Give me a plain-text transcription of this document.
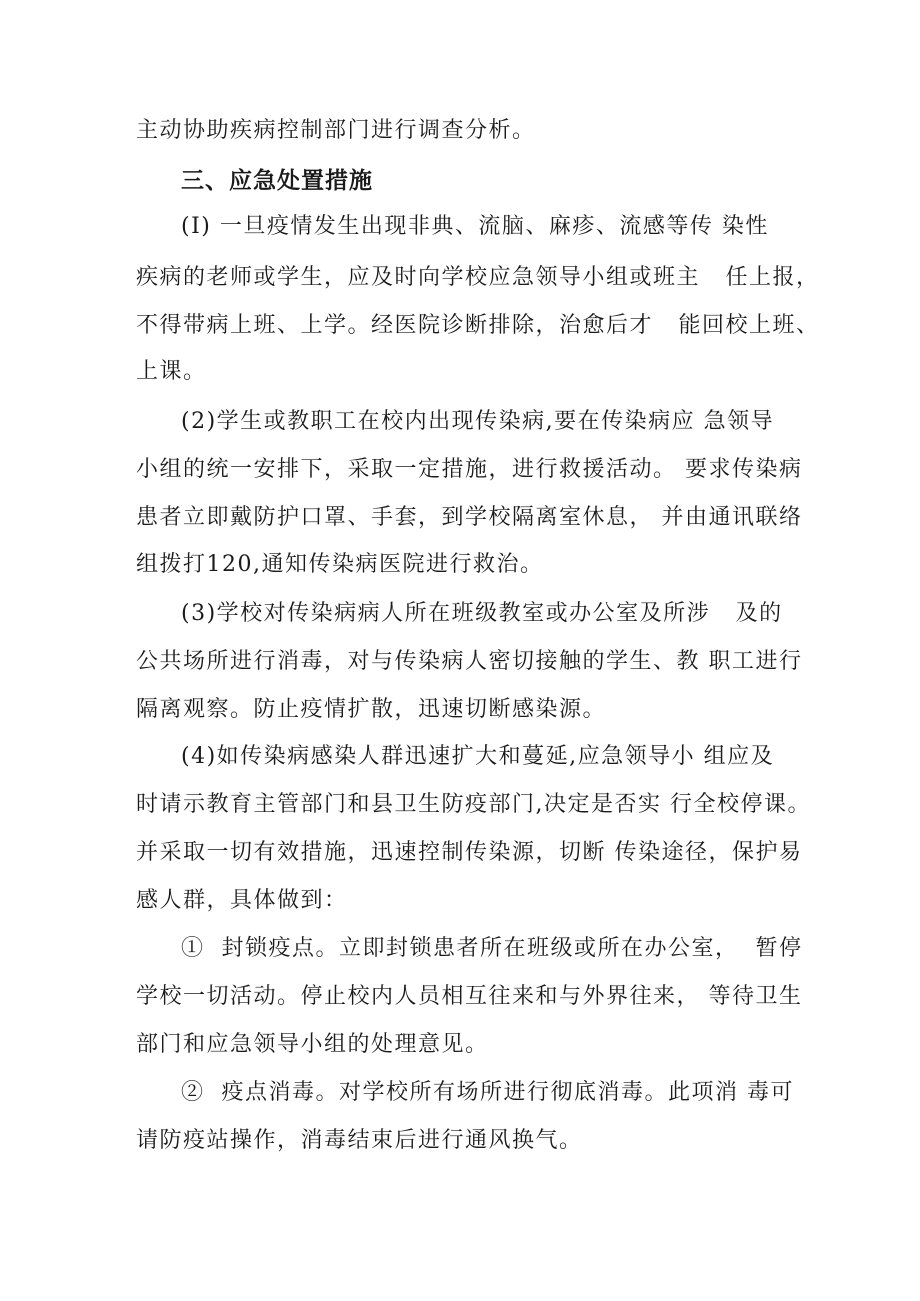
主动协助疾病控制部门进行调查分析。
三、应急处置措施
(I) 一旦疫情发生出现非典、流脑、麻疹、流感等传 染性
疾病的老师或学生，应及时向学校应急领导小组或班主   任上报，
不得带病上班、上学。经医院诊断排除，治愈后才   能回校上班、
上课。
(2)学生或教职工在校内出现传染病,要在传染病应 急领导
小组的统一安排下，采取一定措施，进行救援活动。 要求传染病
患者立即戴防护口罩、手套，到学校隔离室休息， 并由通讯联络
组拨打120,通知传染病医院进行救治。
(3)学校对传染病病人所在班级教室或办公室及所涉   及的
公共场所进行消毒，对与传染病人密切接触的学生、教 职工进行
隔离观察。防止疫情扩散，迅速切断感染源。
(4)如传染病感染人群迅速扩大和蔓延,应急领导小 组应及
时请示教育主管部门和县卫生防疫部门,决定是否实 行全校停课。
并采取一切有效措施，迅速控制传染源，切断 传染途径，保护易
感人群，具体做到：
①  封锁疫点。立即封锁患者所在班级或所在办公室，  暂停
学校一切活动。停止校内人员相互往来和与外界往来， 等待卫生
部门和应急领导小组的处理意见。
②  疫点消毒。对学校所有场所进行彻底消毒。此项消 毒可
请防疫站操作，消毒结束后进行通风换气。
